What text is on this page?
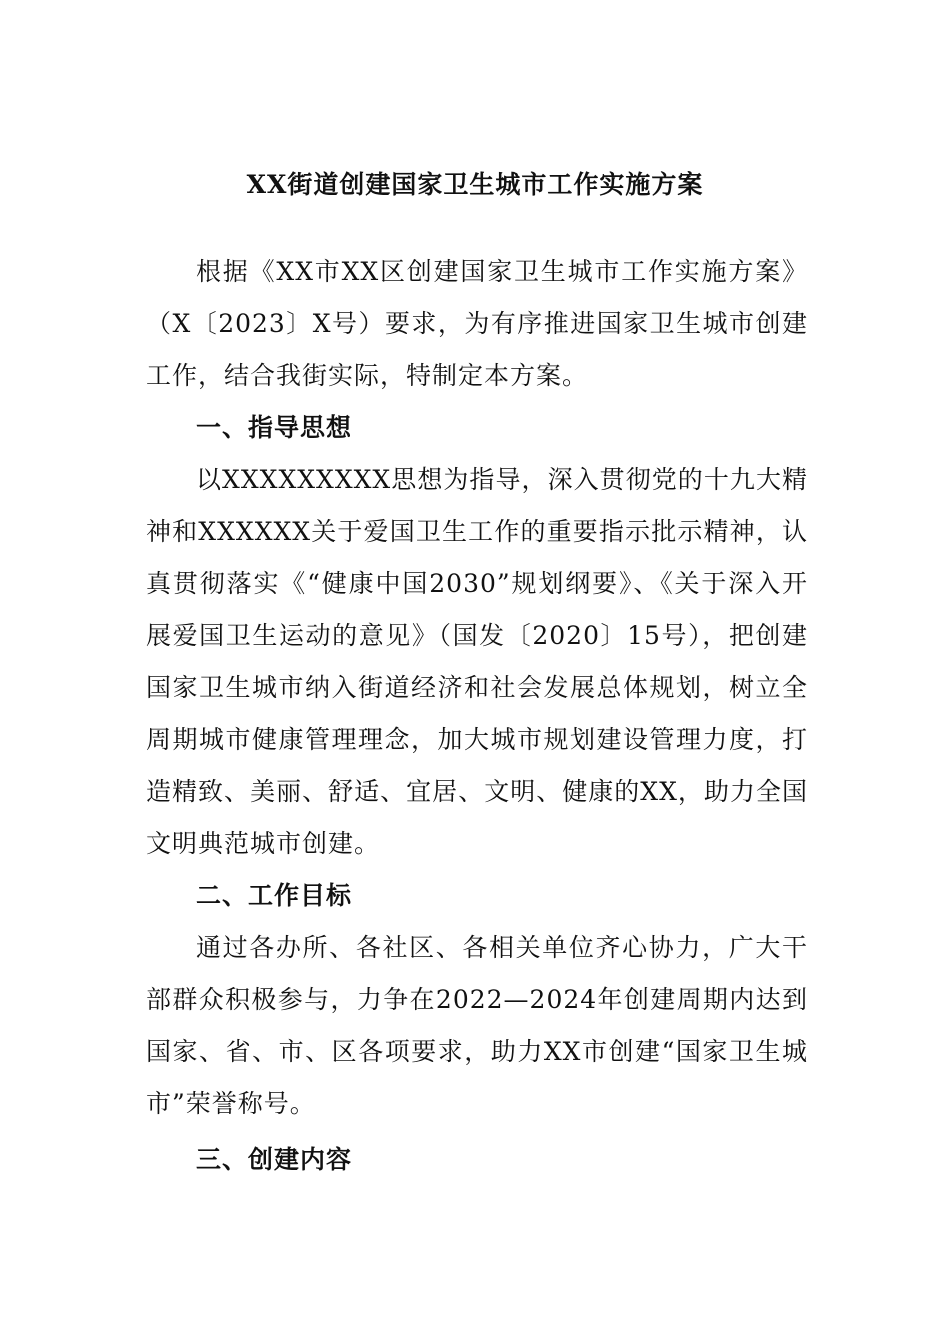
XX街道创建国家卫生城市工作实施方案

根据《XX市XX区创建国家卫生城市工作实施方案》（X〔2023〕X号）要求，为有序推进国家卫生城市创建工作，结合我街实际，特制定本方案。

一、指导思想

以XXXXXXXXX思想为指导，深入贯彻党的十九大精神和XXXXXX关于爱国卫生工作的重要指示批示精神，认真贯彻落实《“健康中国2030”规划纲要》、《关于深入开展爱国卫生运动的意见》（国发〔2020〕15号），把创建国家卫生城市纳入街道经济和社会发展总体规划，树立全周期城市健康管理理念，加大城市规划建设管理力度，打造精致、美丽、舒适、宜居、文明、健康的XX，助力全国文明典范城市创建。

二、工作目标

通过各办所、各社区、各相关单位齐心协力，广大干部群众积极参与，力争在2022—2024年创建周期内达到国家、省、市、区各项要求，助力XX市创建“国家卫生城市”荣誉称号。

三、创建内容
